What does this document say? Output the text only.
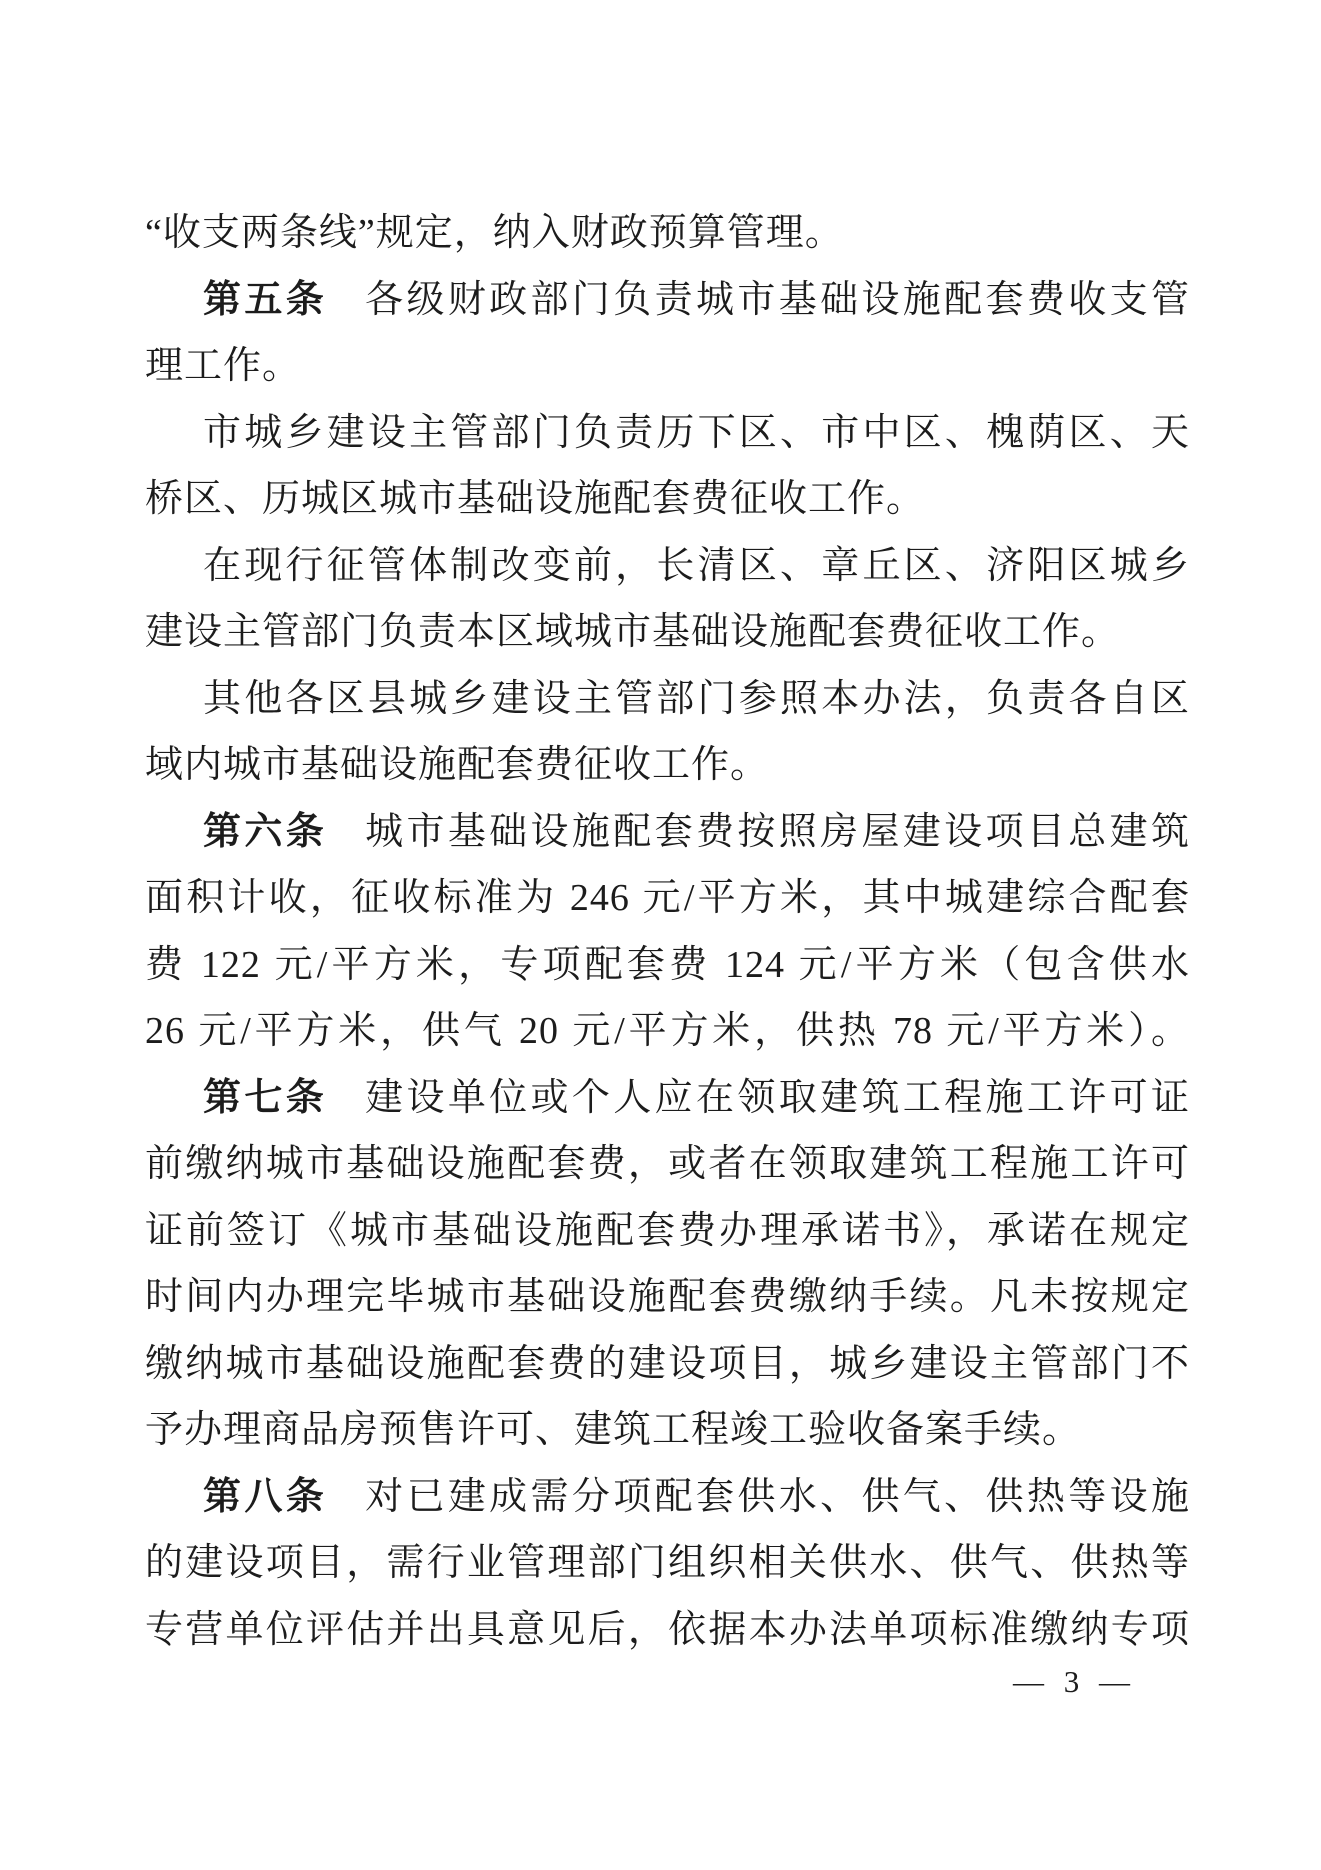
“收支两条线”规定，纳入财政预算管理。
第五条 各级财政部门负责城市基础设施配套费收支管
理工作。
市城乡建设主管部门负责历下区、市中区、槐荫区、天
桥区、历城区城市基础设施配套费征收工作。
在现行征管体制改变前，长清区、章丘区、济阳区城乡
建设主管部门负责本区域城市基础设施配套费征收工作。
其他各区县城乡建设主管部门参照本办法，负责各自区
域内城市基础设施配套费征收工作。
第六条 城市基础设施配套费按照房屋建设项目总建筑
面积计收，征收标准为 246 元/平方米，其中城建综合配套
费 122 元/平方米，专项配套费 124 元/平方米（包含供水
26 元/平方米，供气 20 元/平方米，供热 78 元/平方米）。
第七条 建设单位或个人应在领取建筑工程施工许可证
前缴纳城市基础设施配套费，或者在领取建筑工程施工许可
证前签订《城市基础设施配套费办理承诺书》，承诺在规定
时间内办理完毕城市基础设施配套费缴纳手续。凡未按规定
缴纳城市基础设施配套费的建设项目，城乡建设主管部门不
予办理商品房预售许可、建筑工程竣工验收备案手续。
第八条 对已建成需分项配套供水、供气、供热等设施
的建设项目，需行业管理部门组织相关供水、供气、供热等
专营单位评估并出具意见后，依据本办法单项标准缴纳专项
— 3 —
